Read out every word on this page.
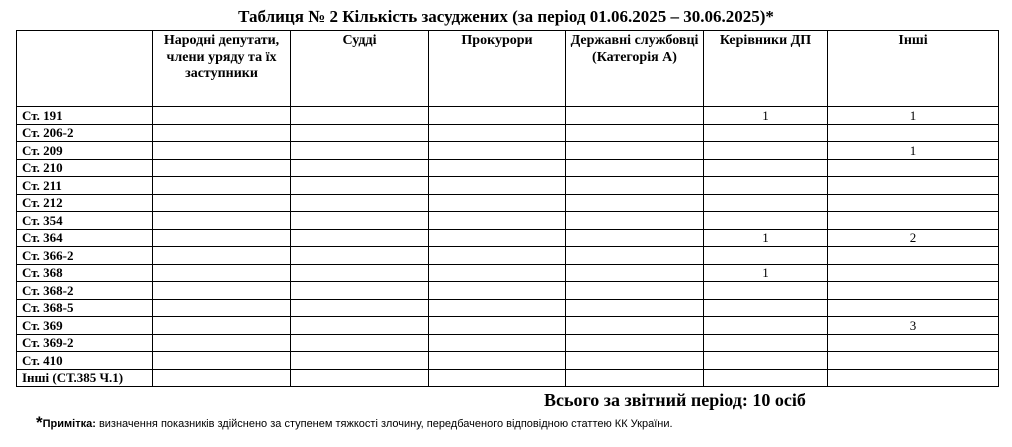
Таблиця № 2 Кількість засуджених (за період 01.06.2025 – 30.06.2025)*
	Народні депутати, члени уряду та їх заступники	Судді	Прокурори	Державні службовці (Категорія А)	Керівники ДП	Інші
Ст. 191					1	1
Ст. 206-2						
Ст. 209						1
Ст. 210						
Ст. 211						
Ст. 212						
Ст. 354						
Ст. 364					1	2
Ст. 366-2						
Ст. 368					1	
Ст. 368-2						
Ст. 368-5						
Ст. 369						3
Ст. 369-2						
Ст. 410						
Інші (СТ.385 Ч.1)						
Всього за звітний період: 10 осіб
*Примітка: визначення показників здійснено за ступенем тяжкості злочину, передбаченого відповідною статтею КК України.
